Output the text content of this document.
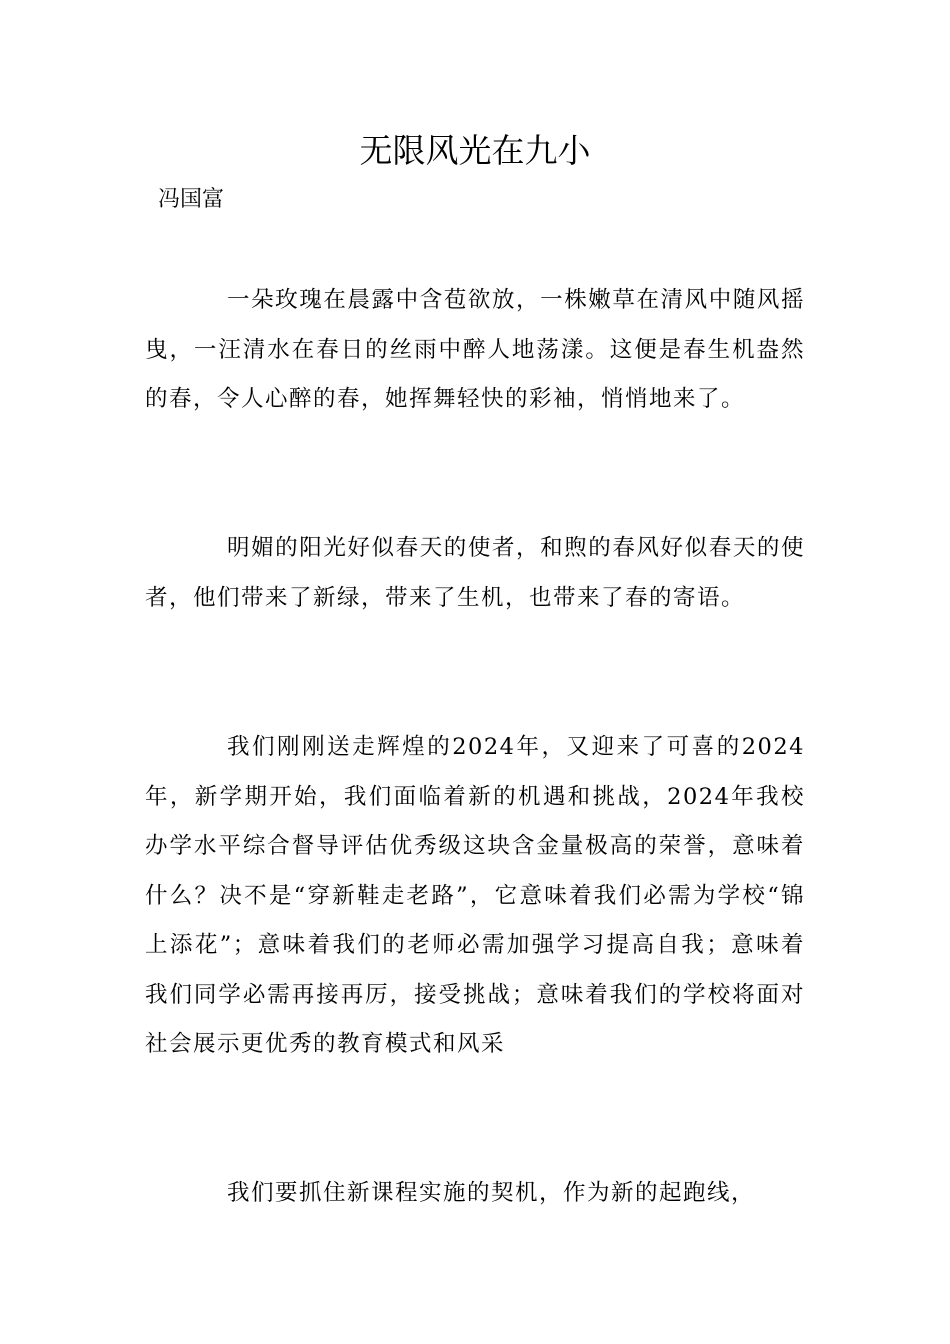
无限风光在九小

冯国富

一朵玫瑰在晨露中含苞欲放，一株嫩草在清风中随风摇曳，一汪清水在春日的丝雨中醉人地荡漾。这便是春生机盎然的春，令人心醉的春，她挥舞轻快的彩袖，悄悄地来了。

明媚的阳光好似春天的使者，和煦的春风好似春天的使者，他们带来了新绿，带来了生机，也带来了春的寄语。

我们刚刚送走辉煌的2024年，又迎来了可喜的2024年，新学期开始，我们面临着新的机遇和挑战，2024年我校办学水平综合督导评估优秀级这块含金量极高的荣誉，意味着什么？决不是“穿新鞋走老路”，它意味着我们必需为学校“锦上添花”；意味着我们的老师必需加强学习提高自我；意味着我们同学必需再接再厉，接受挑战；意味着我们的学校将面对社会展示更优秀的教育模式和风采

我们要抓住新课程实施的契机，作为新的起跑线，
